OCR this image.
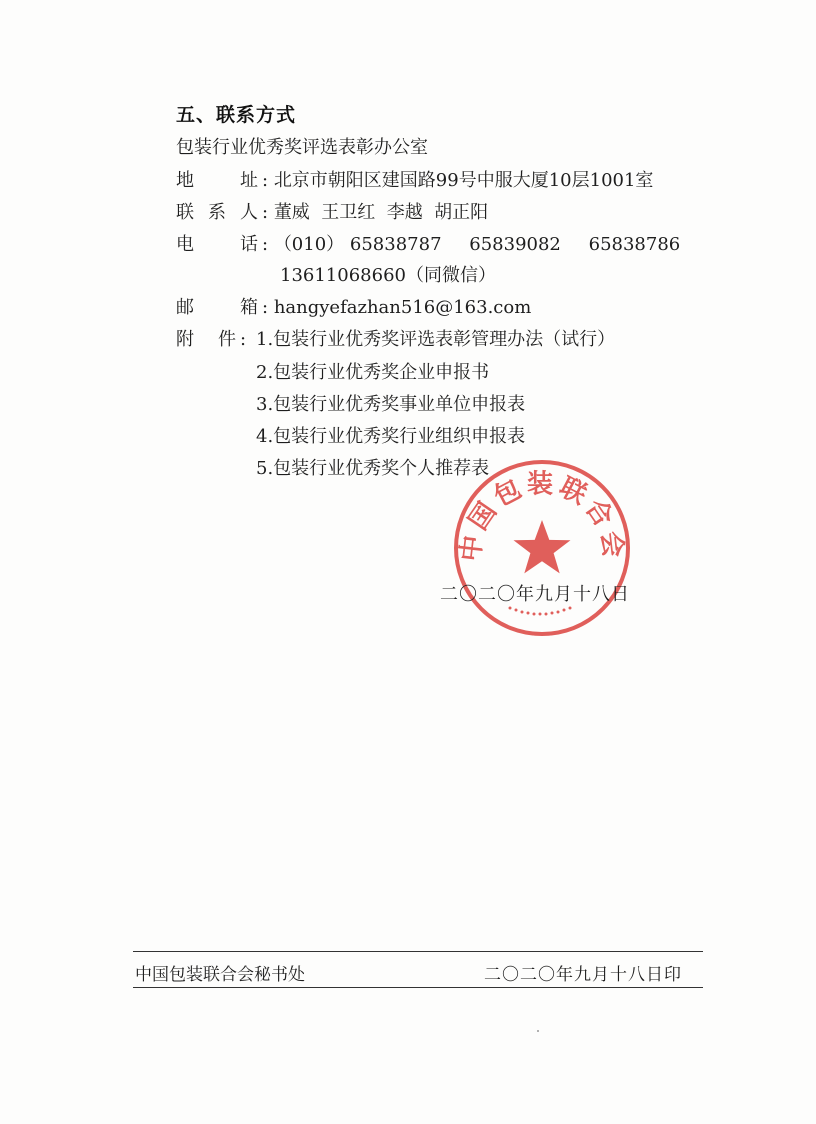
五、联系方式
包装行业优秀奖评选表彰办公室
地	址 : 北京市朝阳区建国路99号中服大厦10层1001室
联 系 人 : 董威  王卫红  李越  胡正阳
电	话 : （010） 65838787 65839082 65838786
13611068660（同微信）
邮	箱 : hangyefazhan516@163.com
附 件 : 1.包装行业优秀奖评选表彰管理办法（试行）
2.包装行业优秀奖企业申报书
3.包装行业优秀奖事业单位申报表
4.包装行业优秀奖行业组织申报表
5.包装行业优秀奖个人推荐表
中国包装联合会
二〇二〇年九月十八日
中国包装联合会秘书处	二〇二〇年九月十八日印
